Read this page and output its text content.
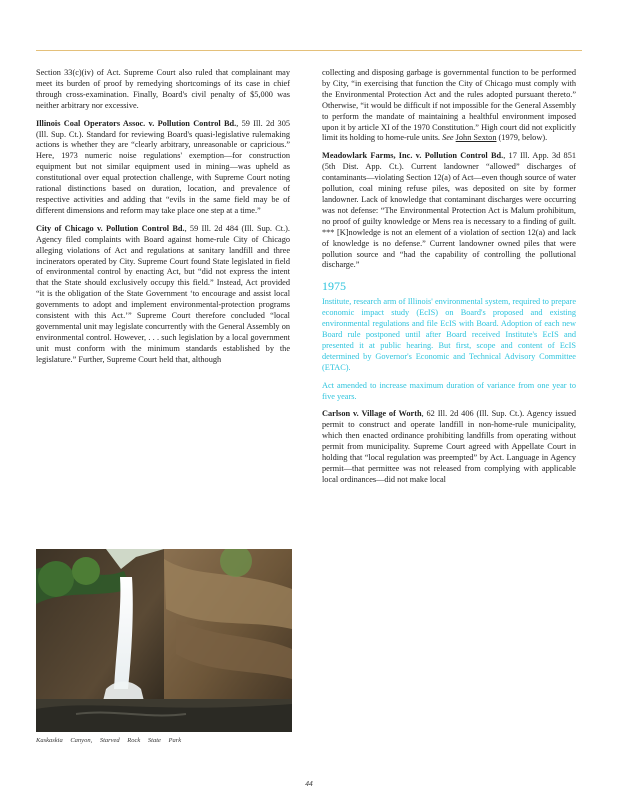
Section 33(c)(iv) of Act. Supreme Court also ruled that complainant may meet its burden of proof by remedying shortcomings of its case in chief through cross-examination. Finally, Board's civil penalty of $5,000 was neither arbitrary nor excessive.

Illinois Coal Operators Assoc. v. Pollution Control Bd., 59 Ill. 2d 305 (Ill. Sup. Ct.). Standard for reviewing Board's quasi-legislative rulemaking actions is whether they are “clearly arbitrary, unreasonable or capricious.” Here, 1973 numeric noise regulations' exemption—for construction equipment but not similar equipment used in mining—was upheld as constitutional over equal protection challenge, with Supreme Court noting rational distinctions based on duration, location, and prevalence of respective activities and adding that “evils in the same field may be of different dimensions and reform may take place one step at a time.”

City of Chicago v. Pollution Control Bd., 59 Ill. 2d 484 (Ill. Sup. Ct.). Agency filed complaints with Board against home-rule City of Chicago alleging violations of Act and regulations at sanitary landfill and three incinerators operated by City. Supreme Court found State legislated in field of environmental control by enacting Act, but “did not express the intent that the State should exclusively occupy this field.” Instead, Act provided “it is the obligation of the State Government ‘to encourage and assist local governments to adopt and implement environmental-protection programs consistent with this Act.’” Supreme Court therefore concluded “local governmental unit may legislate concurrently with the General Assembly on environmental control. However, . . . such legislation by a local government unit must conform with the minimum standards established by the legislature.” Further, Supreme Court held that, although

collecting and disposing garbage is governmental function to be performed by City, “in exercising that function the City of Chicago must comply with the Environmental Protection Act and the rules adopted pursuant thereto.” Otherwise, “it would be difficult if not impossible for the General Assembly to perform the mandate of maintaining a healthful environment imposed upon it by article XI of the 1970 Constitution.” High court did not explicitly limit its holding to home-rule units. See John Sexton (1979, below).

Meadowlark Farms, Inc. v. Pollution Control Bd., 17 Ill. App. 3d 851 (5th Dist. App. Ct.). Current landowner “allowed” discharges of contaminants—violating Section 12(a) of Act—even though source of water pollution, coal mining refuse piles, was deposited on site by former landowner. Lack of knowledge that contaminant discharges were occurring was not defense: “The Environmental Protection Act is Malum prohibitum, no proof of guilty knowledge or Mens rea is necessary to a finding of guilt. *** [K]nowledge is not an element of a violation of section 12(a) and lack of knowledge is no defense.” Current landowner owned piles that were pollution source and “had the capability of controlling the pollutional discharge.”

1975

Institute, research arm of Illinois' environmental system, required to prepare economic impact study (EcIS) on Board's proposed and existing environmental regulations and file EcIS with Board. Adoption of each new Board rule postponed until after Board received Institute's EcIS and presented it at public hearing. But first, scope and content of EcIS determined by Governor's Economic and Technical Advisory Committee (ETAC).

Act amended to increase maximum duration of variance from one year to five years.

Carlson v. Village of Worth, 62 Ill. 2d 406 (Ill. Sup. Ct.). Agency issued permit to construct and operate landfill in non-home-rule municipality, which then enacted ordinance prohibiting landfills from operating without permit from municipality. Supreme Court agreed with Appellate Court in holding that “local regulation was preempted” by Act. Language in Agency permit—that permittee was not released from complying with applicable local ordinances—did not make local

Kaskaskia Canyon, Starved Rock State Park
44
